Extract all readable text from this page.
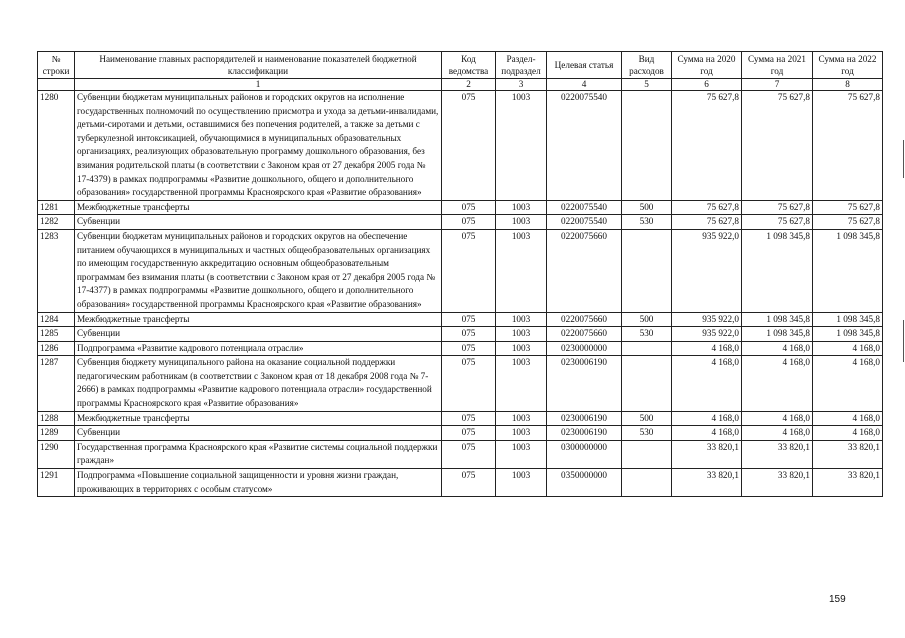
№ строки	Наименование главных распорядителей и наименование показателей бюджетной классификации	Код ведомства	Раздел-подраздел	Целевая статья	Вид расходов	Сумма на 2020 год	Сумма на 2021 год	Сумма на 2022 год
	1	2	3	4	5	6	7	8
1280	Субвенции бюджетам муниципальных районов и городских округов на исполнение государственных полномочий по осуществлению присмотра и ухода за детьми-инвалидами, детьми-сиротами и детьми, оставшимися без попечения родителей, а также за детьми с туберкулезной интоксикацией, обучающимися в муниципальных образовательных организациях, реализующих образовательную программу дошкольного образования, без взимания родительской платы (в соответствии с Законом края от 27 декабря 2005 года № 17-4379) в рамках подпрограммы «Развитие дошкольного, общего и дополнительного образования» государственной программы Красноярского края «Развитие образования»	075	1003	0220075540		75 627,8	75 627,8	75 627,8
1281	Межбюджетные трансферты	075	1003	0220075540	500	75 627,8	75 627,8	75 627,8
1282	Субвенции	075	1003	0220075540	530	75 627,8	75 627,8	75 627,8
1283	Субвенции бюджетам муниципальных районов и городских округов на обеспечение питанием обучающихся в муниципальных и частных общеобразовательных организациях по имеющим государственную аккредитацию основным общеобразовательным программам без взимания платы (в соответствии с Законом края от 27 декабря 2005 года № 17-4377) в рамках подпрограммы «Развитие дошкольного, общего и дополнительного образования» государственной программы Красноярского края «Развитие образования»	075	1003	0220075660		935 922,0	1 098 345,8	1 098 345,8
1284	Межбюджетные трансферты	075	1003	0220075660	500	935 922,0	1 098 345,8	1 098 345,8
1285	Субвенции	075	1003	0220075660	530	935 922,0	1 098 345,8	1 098 345,8
1286	Подпрограмма «Развитие кадрового потенциала отрасли»	075	1003	0230000000		4 168,0	4 168,0	4 168,0
1287	Субвенция бюджету муниципального района на оказание социальной поддержки педагогическим работникам (в соответствии с Законом края от 18 декабря 2008 года № 7-2666) в рамках подпрограммы «Развитие кадрового потенциала отрасли» государственной программы Красноярского края «Развитие образования»	075	1003	0230006190		4 168,0	4 168,0	4 168,0
1288	Межбюджетные трансферты	075	1003	0230006190	500	4 168,0	4 168,0	4 168,0
1289	Субвенции	075	1003	0230006190	530	4 168,0	4 168,0	4 168,0
1290	Государственная программа Красноярского края «Развитие системы социальной поддержки граждан»	075	1003	0300000000		33 820,1	33 820,1	33 820,1
1291	Подпрограмма «Повышение социальной защищенности и уровня жизни граждан, проживающих в территориях с особым статусом»	075	1003	0350000000		33 820,1	33 820,1	33 820,1
159
